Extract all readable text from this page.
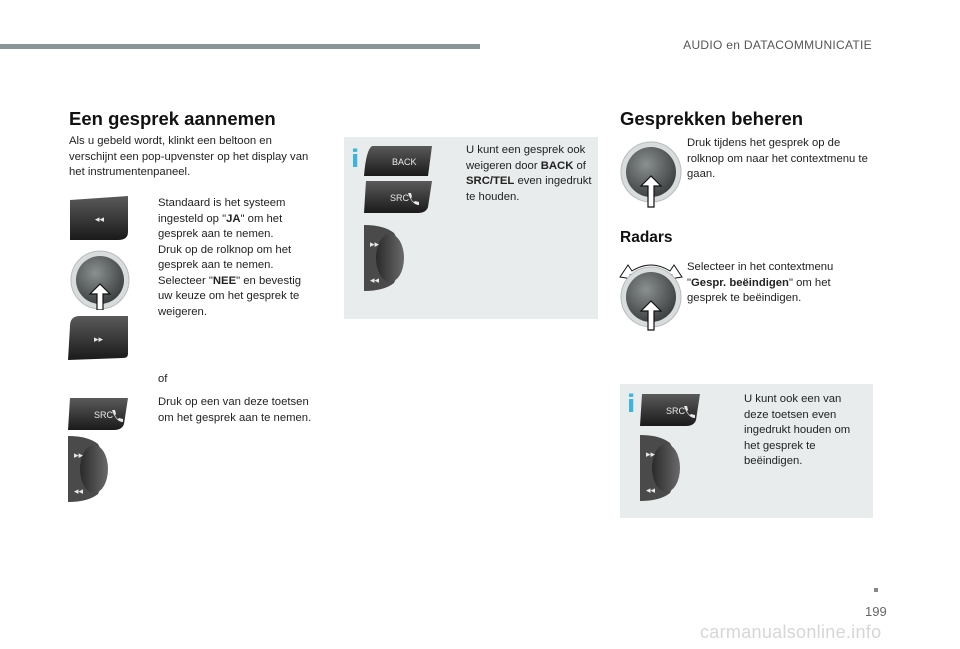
AUDIO en DATACOMMUNICATIE
Een gesprek aannemen
Als u gebeld wordt, klinkt een beltoon en verschijnt een pop-upvenster op het display van het instrumentenpaneel.
◂◂
▸▸
Standaard is het systeem ingesteld op "JA" om het gesprek aan te nemen.
Druk op de rolknop om het gesprek aan te nemen.
Selecteer "NEE" en bevestig uw keuze om het gesprek te weigeren.
of
SRC
▸▸
◂◂
Druk op een van deze toetsen om het gesprek aan te nemen.
i	BACK
SRC
▸▸
◂◂
U kunt een gesprek ook weigeren door BACK of SRC/TEL even ingedrukt te houden.
Gesprekken beheren
Druk tijdens het gesprek op de rolknop om naar het contextmenu te gaan.
Radars
Selecteer in het contextmenu "Gespr. beëindigen" om het gesprek te beëindigen.
i	SRC
▸▸
◂◂
U kunt ook een van deze toetsen even ingedrukt houden om het gesprek te beëindigen.
199
carmanualsonline.info
